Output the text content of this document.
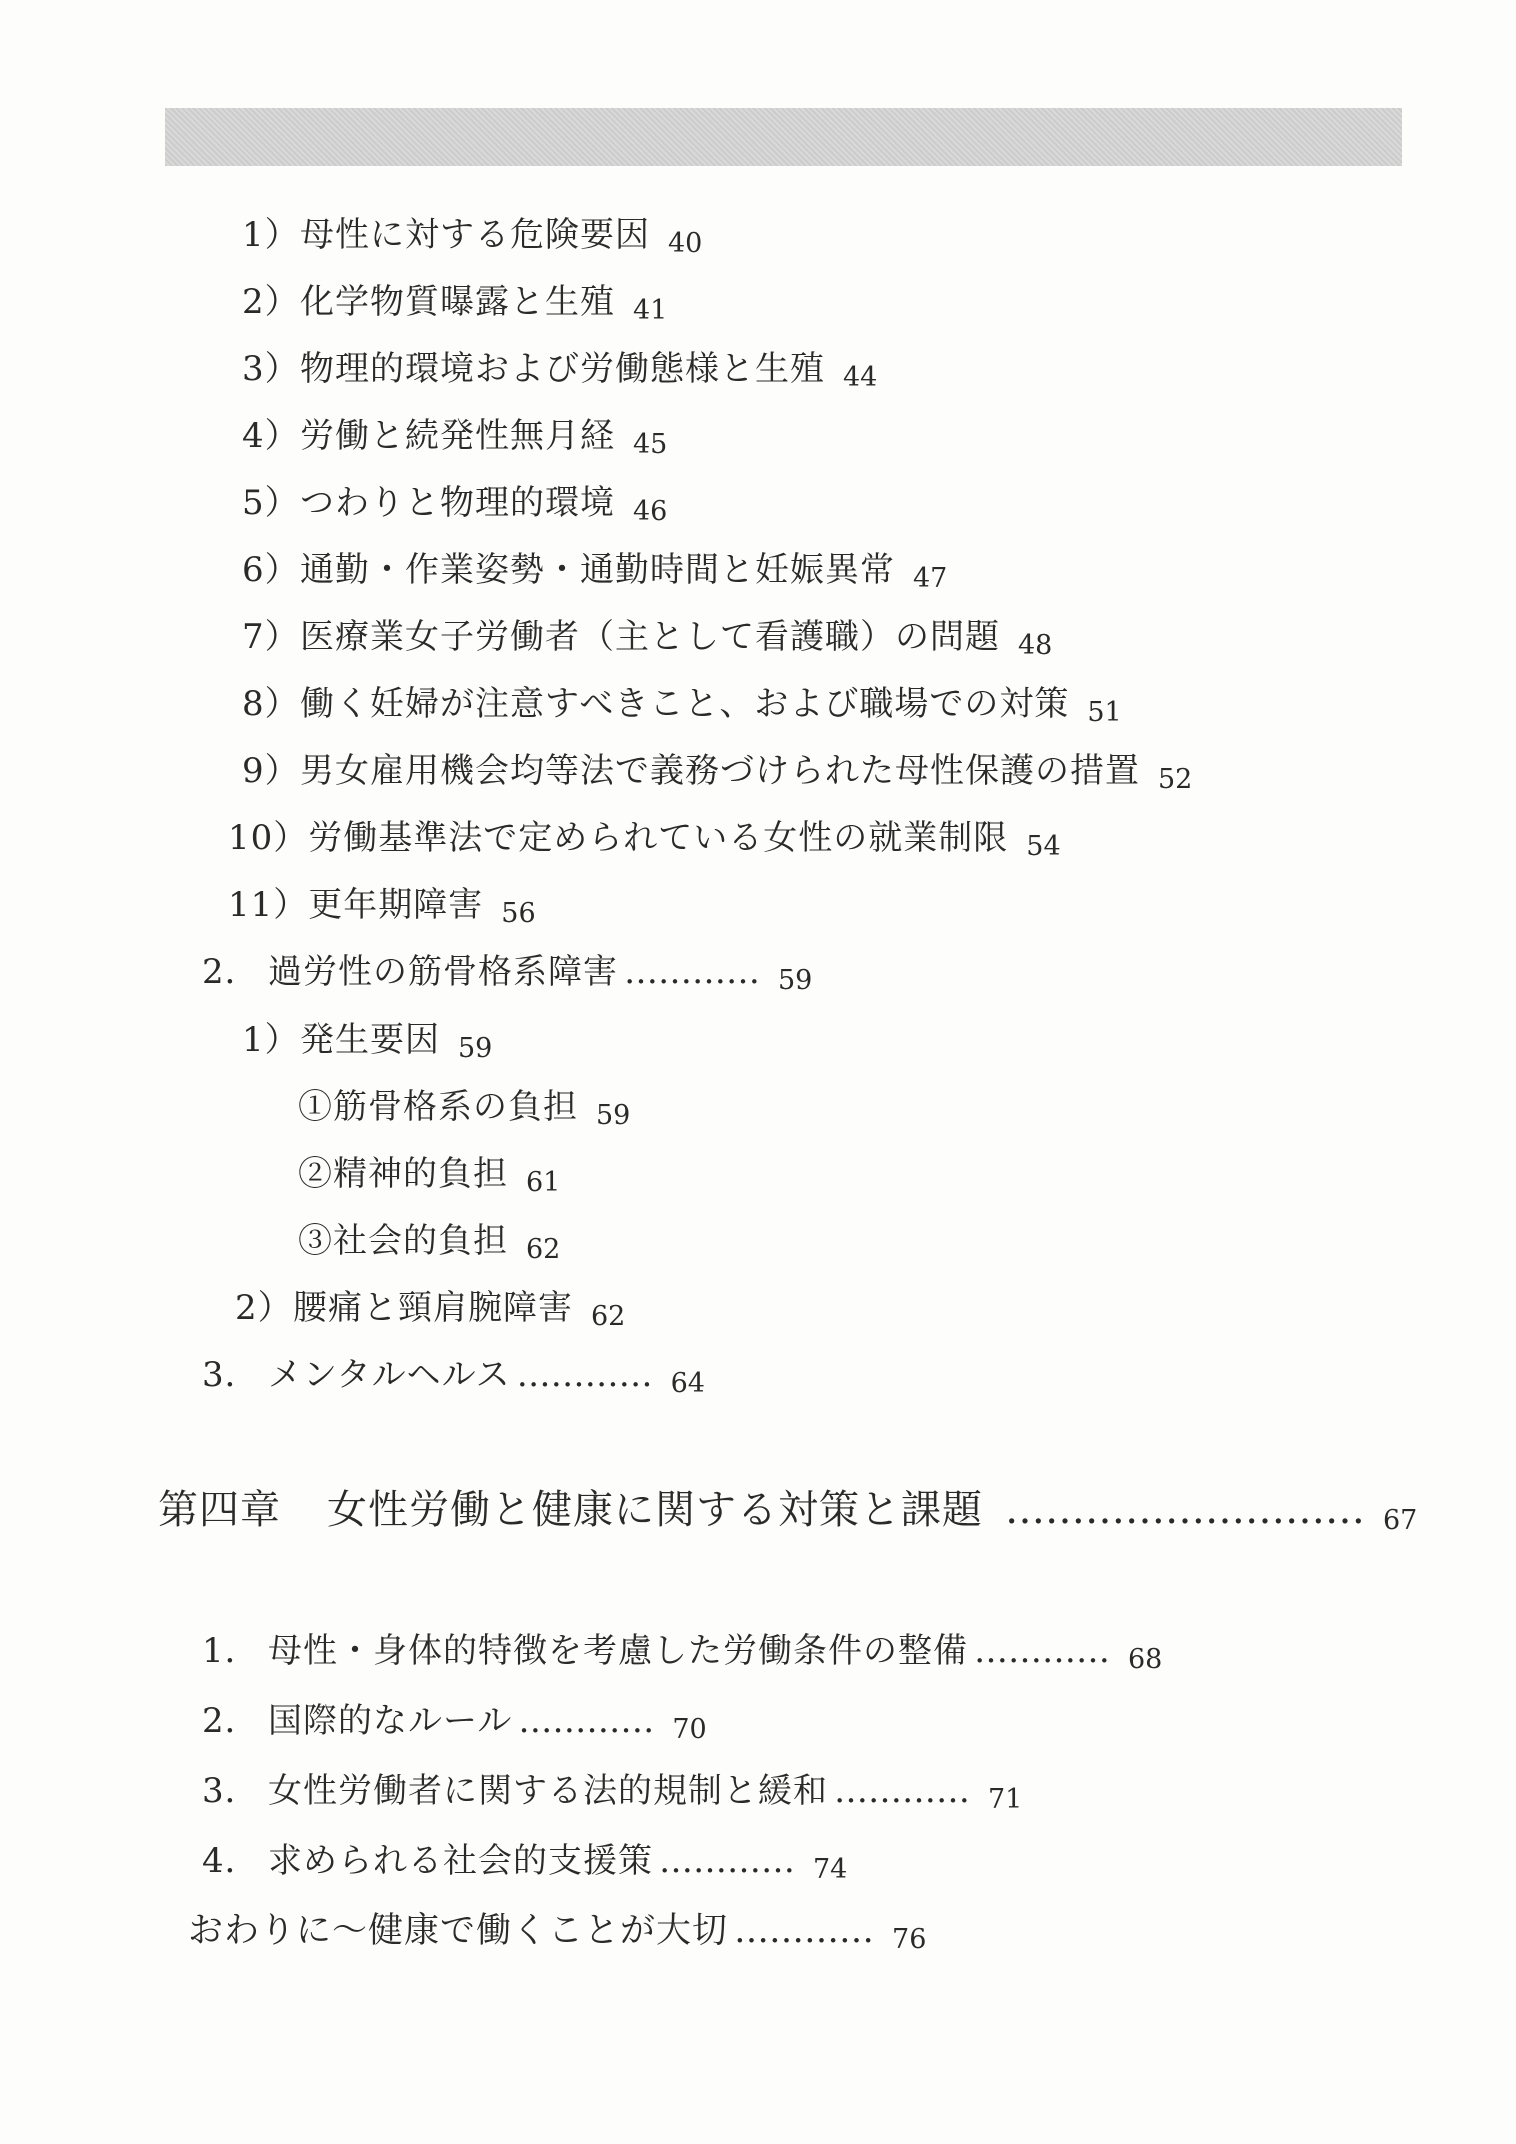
1）母性に対する危険要因 40
2）化学物質曝露と生殖 41
3）物理的環境および労働態様と生殖 44
4）労働と続発性無月経 45
5）つわりと物理的環境 46
6）通勤・作業姿勢・通勤時間と妊娠異常 47
7）医療業女子労働者（主として看護職）の問題 48
8）働く妊婦が注意すべきこと、および職場での対策 51
9）男女雇用機会均等法で義務づけられた母性保護の措置 52
10）労働基準法で定められている女性の就業制限 54
11）更年期障害 56
2． 過労性の筋骨格系障害 ………… 59
1）発生要因 59
①筋骨格系の負担 59
②精神的負担 61
③社会的負担 62
2）腰痛と頸肩腕障害 62
3． メンタルヘルス ………… 64
第四章 女性労働と健康に関する対策と課題 ……………………… 67
1． 母性・身体的特徴を考慮した労働条件の整備 ………… 68
2． 国際的なルール ………… 70
3． 女性労働者に関する法的規制と緩和 ………… 71
4． 求められる社会的支援策 ………… 74
おわりに～健康で働くことが大切 ………… 76
